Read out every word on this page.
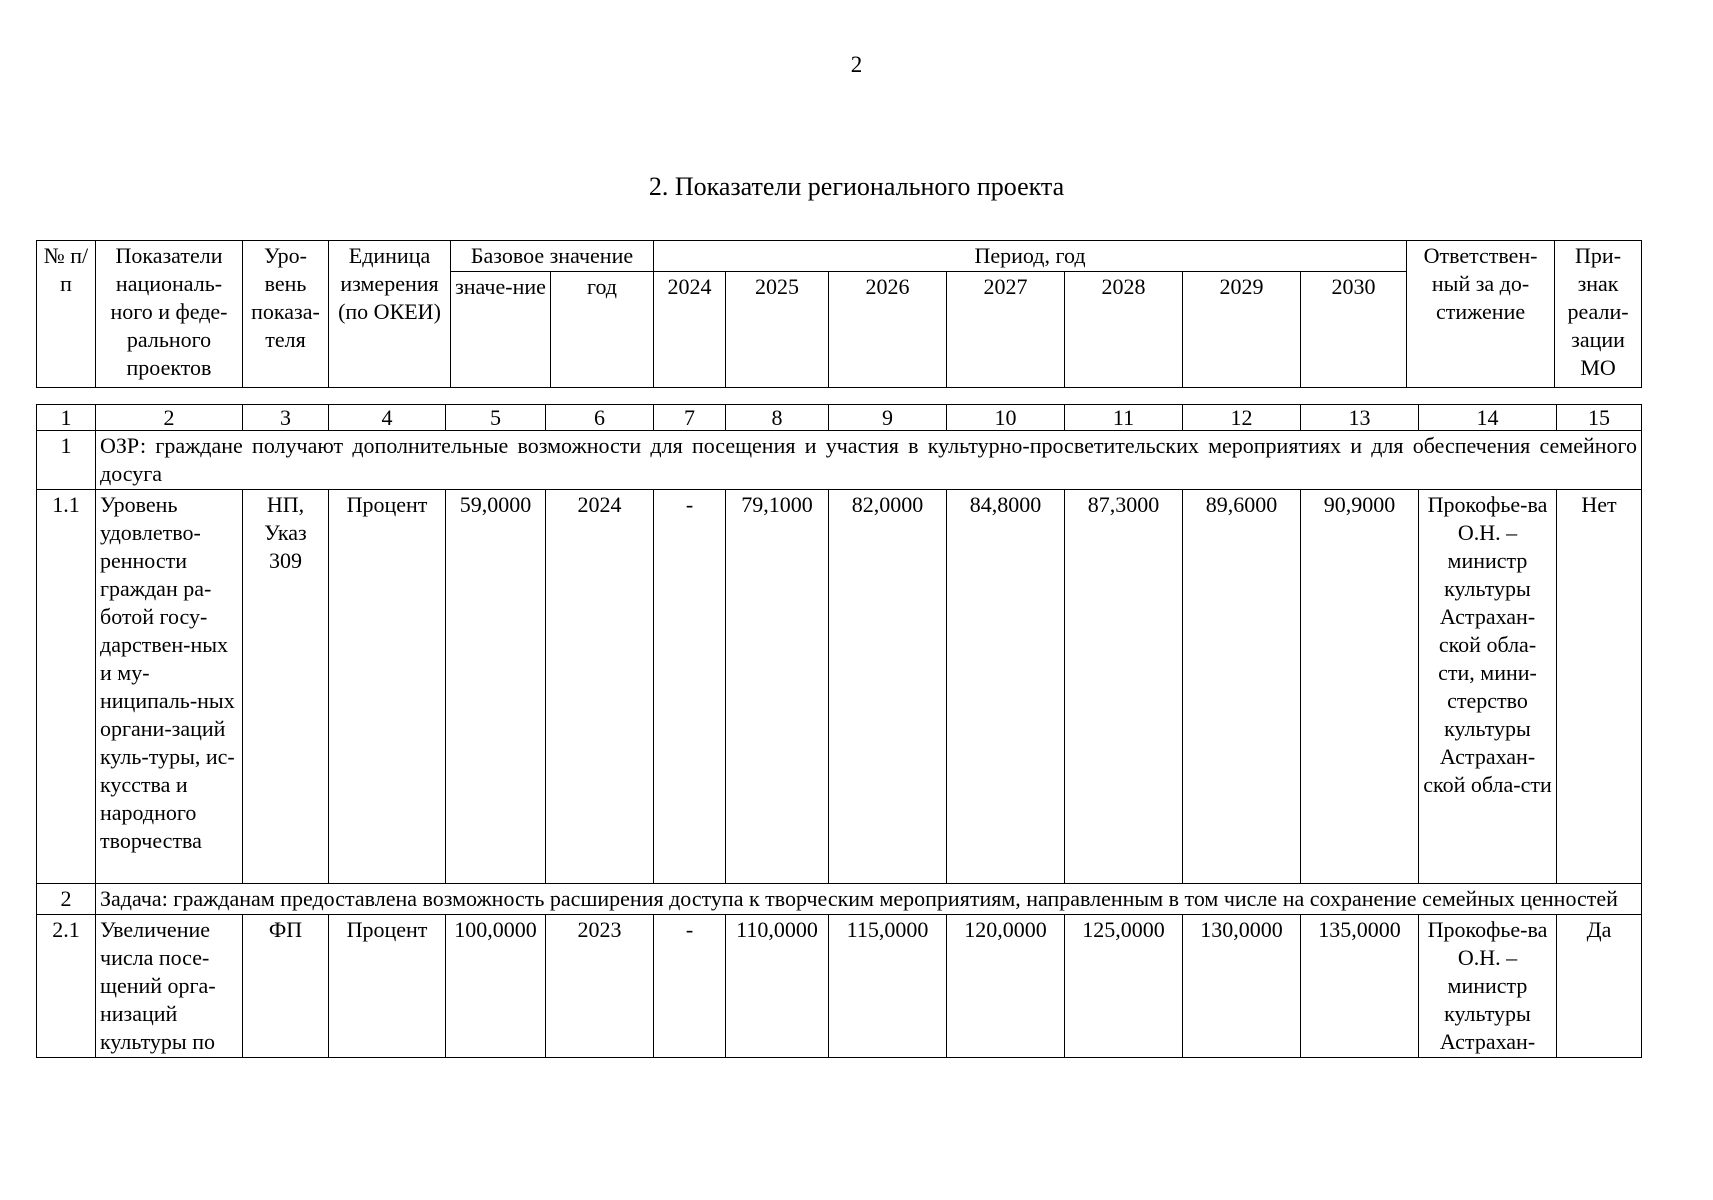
2
2. Показатели регионального проекта
№ п/п	Показатели националь-ного и феде-рального проектов	Уро-вень показа-теля	Единица измерения (по ОКЕИ)	Базовое значение		Период, год							Ответствен-ный за до-стижение	При-знак реали-зации МО
				значе-ние	год	2024	2025	2026	2027	2028	2029	2030		
1	2	3	4	5	6	7	8	9	10	11	12	13	14	15
1	ОЗР: граждане получают дополнительные возможности для посещения и участия в культурно-просветительских мероприятиях и для обеспечения семейного досуга													
1.1	Уровень удовлетво-ренности граждан ра-ботой госу-дарствен-ных и му-ниципаль-ных органи-заций куль-туры, ис-кусства и народного творчества	НП, Указ 309	Процент	59,0000	2024	-	79,1000	82,0000	84,8000	87,3000	89,6000	90,9000	Прокофье-ва О.Н. – министр культуры Астрахан-ской обла-сти, мини-стерство культуры Астрахан-ской обла-сти	Нет
2	Задача: гражданам предоставлена возможность расширения доступа к творческим мероприятиям, направленным в том числе на сохранение семейных ценностей													
2.1	Увеличение числа посе-щений орга-низаций культуры по	ФП	Процент	100,0000	2023	-	110,0000	115,0000	120,0000	125,0000	130,0000	135,0000	Прокофье-ва О.Н. – министр культуры Астрахан-	Да
